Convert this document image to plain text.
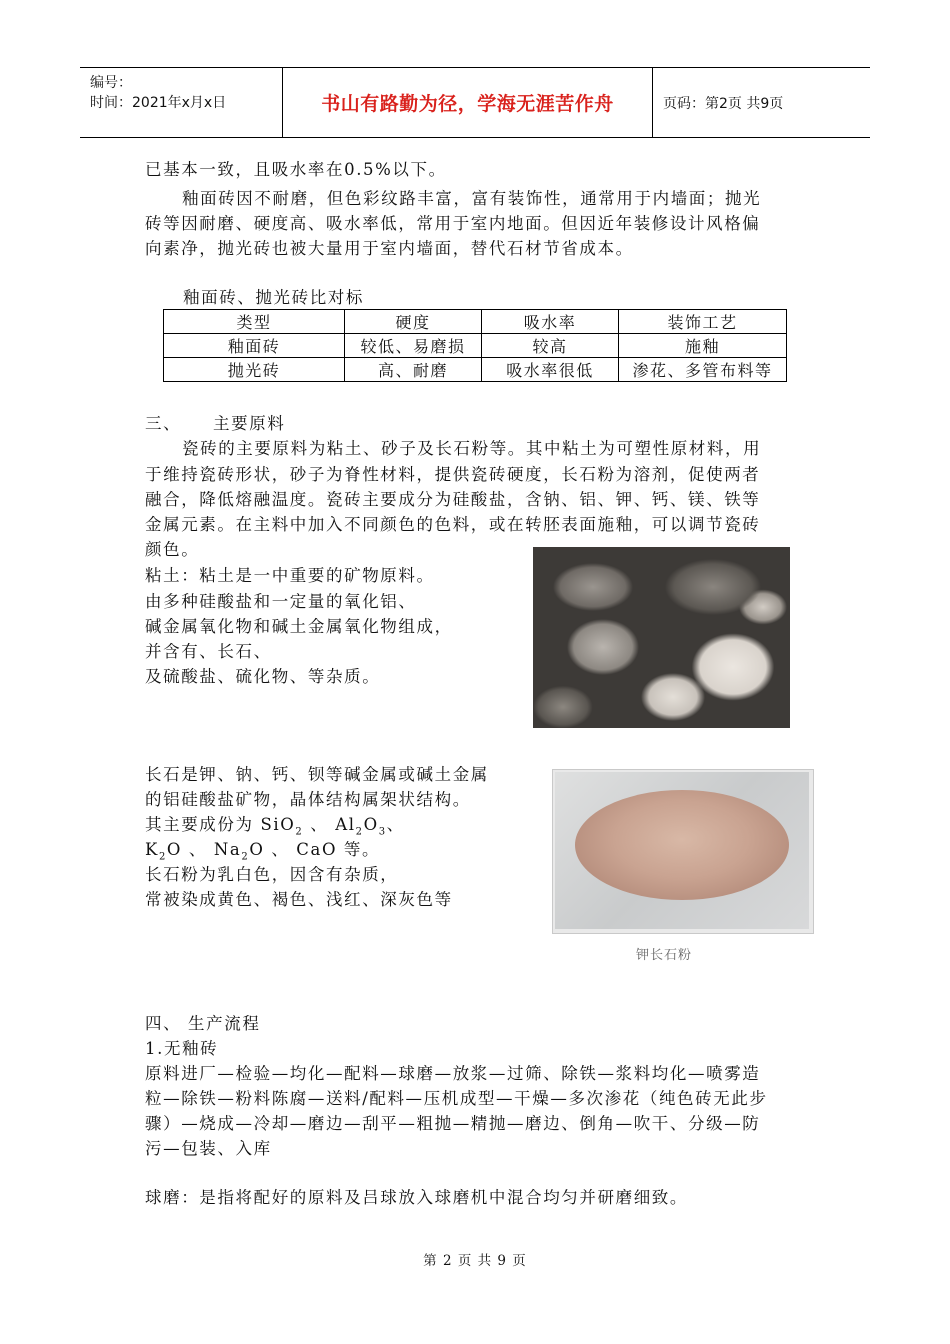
编号：
时间：2021年x月x日	书山有路勤为径，学海无涯苦作舟	页码：第2页 共9页
已基本一致，且吸水率在0.5%以下。
釉面砖因不耐磨，但色彩纹路丰富，富有装饰性，通常用于内墙面；抛光
砖等因耐磨、硬度高、吸水率低，常用于室内地面。但因近年装修设计风格偏
向素净，抛光砖也被大量用于室内墙面，替代石材节省成本。
釉面砖、抛光砖比对标
类型	硬度	吸水率	装饰工艺
釉面砖	较低、易磨损	较高	施釉
抛光砖	高、耐磨	吸水率很低	渗花、多管布料等
三、 主要原料
瓷砖的主要原料为粘土、砂子及长石粉等。其中粘土为可塑性原材料，用
于维持瓷砖形状，砂子为脊性材料，提供瓷砖硬度，长石粉为溶剂，促使两者
融合，降低熔融温度。瓷砖主要成分为硅酸盐，含钠、铝、钾、钙、镁、铁等
金属元素。在主料中加入不同颜色的色料，或在转胚表面施釉，可以调节瓷砖
颜色。
粘土：粘土是一中重要的矿物原料。
由多种硅酸盐和一定量的氧化铝、
碱金属氧化物和碱土金属氧化物组成，
并含有、长石、
及硫酸盐、硫化物、等杂质。
长石是钾、钠、钙、钡等碱金属或碱土金属
的铝硅酸盐矿物，晶体结构属架状结构。
其主要成份为 SiO$_2$ 、 $Al_2O_3$、
$K_2O$ 、 $Na_2O$ 、 CaO 等。
长石粉为乳白色，因含有杂质，
常被染成黄色、褐色、浅红、深灰色等
钾长石粉
四、 生产流程
1.无釉砖
原料进厂—检验—均化—配料—球磨—放浆—过筛、除铁—浆料均化—喷雾造
粒—除铁—粉料陈腐—送料/配料—压机成型—干燥—多次渗花（纯色砖无此步
骤）—烧成—冷却—磨边—刮平—粗抛—精抛—磨边、倒角—吹干、分级—防
污—包装、入库
球磨：是指将配好的原料及吕球放入球磨机中混合均匀并研磨细致。
第 2 页 共 9 页
